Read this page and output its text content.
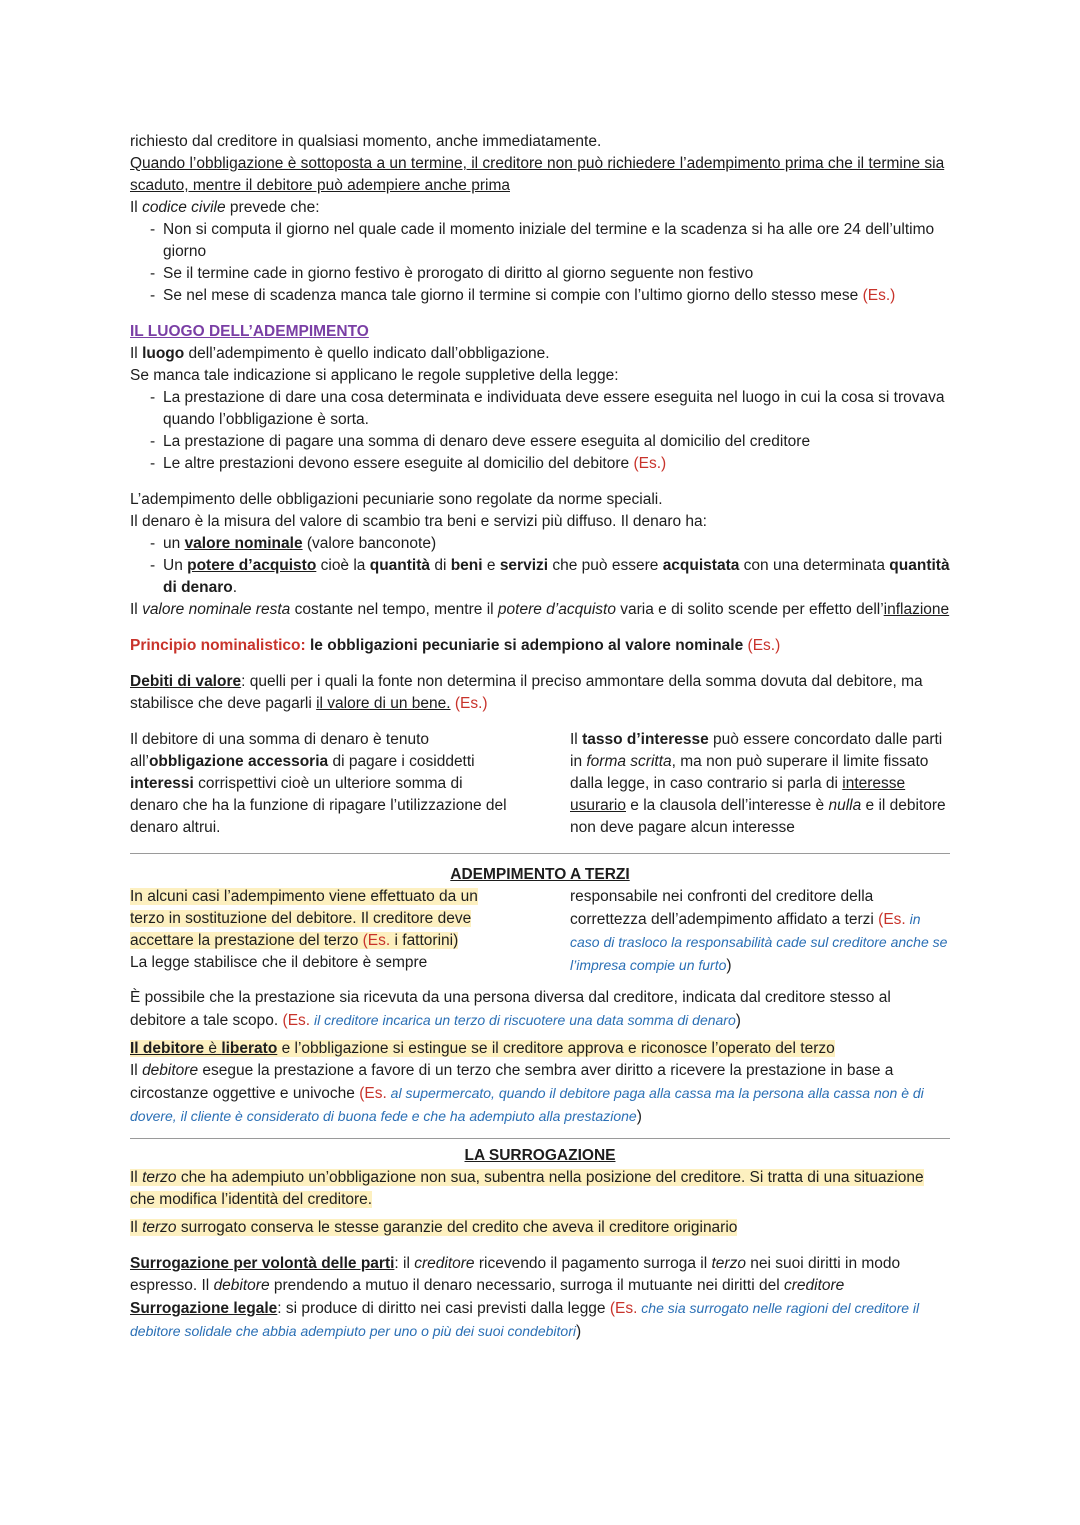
richiesto dal creditore in qualsiasi momento, anche immediatamente.

Quando l’obbligazione è sottoposta a un termine, il creditore non può richiedere l’adempimento prima che il termine sia scaduto, mentre il debitore può adempiere anche prima

Il codice civile prevede che:

- Non si computa il giorno nel quale cade il momento iniziale del termine e la scadenza si ha alle ore 24 dell’ultimo giorno
- Se il termine cade in giorno festivo è prorogato di diritto al giorno seguente non festivo
- Se nel mese di scadenza manca tale giorno il termine si compie con l’ultimo giorno dello stesso mese (Es.)

IL LUOGO DELL’ADEMPIMENTO

Il luogo dell’adempimento è quello indicato dall’obbligazione.

Se manca tale indicazione si applicano le regole suppletive della legge:

- La prestazione di dare una cosa determinata e individuata deve essere eseguita nel luogo in cui la cosa si trovava quando l’obbligazione è sorta.
- La prestazione di pagare una somma di denaro deve essere eseguita al domicilio del creditore
- Le altre prestazioni devono essere eseguite al domicilio del debitore (Es.)

L’adempimento delle obbligazioni pecuniarie sono regolate da norme speciali.

Il denaro è la misura del valore di scambio tra beni e servizi più diffuso. Il denaro ha:

- un valore nominale (valore banconote)
- Un potere d’acquisto cioè la quantità di beni e servizi che può essere acquistata con una determinata quantità di denaro.

Il valore nominale resta costante nel tempo, mentre il potere d’acquisto varia e di solito scende per effetto dell’inflazione

Principio nominalistico: le obbligazioni pecuniarie si adempiono al valore nominale (Es.)

Debiti di valore: quelli per i quali la fonte non determina il preciso ammontare della somma dovuta dal debitore, ma stabilisce che deve pagarli il valore di un bene. (Es.)

Il debitore di una somma di denaro è tenuto all’obbligazione accessoria di pagare i cosiddetti interessi corrispettivi cioè un ulteriore somma di denaro che ha la funzione di ripagare l’utilizzazione del denaro altrui.

Il tasso d’interesse può essere concordato dalle parti in forma scritta, ma non può superare il limite fissato dalla legge, in caso contrario si parla di interesse usurario e la clausola dell’interesse è nulla e il debitore non deve pagare alcun interesse

ADEMPIMENTO A TERZI

In alcuni casi l’adempimento viene effettuato da un terzo in sostituzione del debitore. Il creditore deve accettare la prestazione del terzo (Es. i fattorini)

La legge stabilisce che il debitore è sempre

responsabile nei confronti del creditore della correttezza dell’adempimento affidato a terzi (Es. in caso di trasloco la responsabilità cade sul creditore anche se l’impresa compie un furto)

È possibile che la prestazione sia ricevuta da una persona diversa dal creditore, indicata dal creditore stesso al debitore a tale scopo. (Es. il creditore incarica un terzo di riscuotere una data somma di denaro)

Il debitore è liberato e l’obbligazione si estingue se il creditore approva e riconosce l’operato del terzo

Il debitore esegue la prestazione a favore di un terzo che sembra aver diritto a ricevere la prestazione in base a circostanze oggettive e univoche (Es. al supermercato, quando il debitore paga alla cassa ma la persona alla cassa non è di dovere, il cliente è considerato di buona fede e che ha adempiuto alla prestazione)

LA SURROGAZIONE

Il terzo che ha adempiuto un’obbligazione non sua, subentra nella posizione del creditore. Si tratta di una situazione che modifica l’identità del creditore.

Il terzo surrogato conserva le stesse garanzie del credito che aveva il creditore originario

Surrogazione per volontà delle parti: il creditore ricevendo il pagamento surroga il terzo nei suoi diritti in modo espresso. Il debitore prendendo a mutuo il denaro necessario, surroga il mutuante nei diritti del creditore

Surrogazione legale: si produce di diritto nei casi previsti dalla legge (Es. che sia surrogato nelle ragioni del creditore il debitore solidale che abbia adempiuto per uno o più dei suoi condebitori)
